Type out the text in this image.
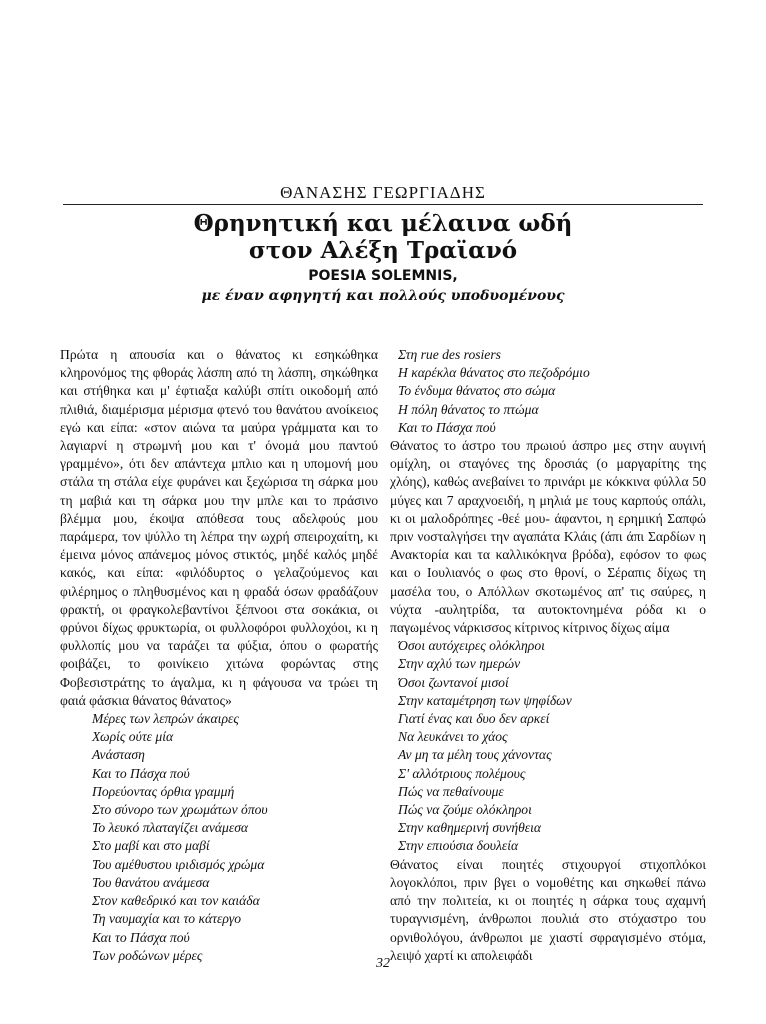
ΘΑΝΑΣΗΣ ΓΕΩΡΓΙΑΔΗΣ
Θρηνητική και μέλαινα ωδή
στον Αλέξη Τραϊανό
POESIA SOLEMNIS,
με έναν αφηγητή και πολλούς υποδυομένους

Πρώτα η απουσία και ο θάνατος κι εσηκώθηκα κληρονόμος της φθοράς λάσπη από τη λάσπη, σηκώθηκα και στήθηκα και μ' έφτιαξα καλύβι σπίτι οικοδομή από πλιθιά, διαμέρισμα μέρισμα φτενό του θανάτου ανοίκειος εγώ και είπα: «στον αιώνα τα μαύρα γράμματα και το λαγιαρνί η στρωμνή μου και τ' όνομά μου παντού γραμμένο», ότι δεν απάντεχα μπλιο και η υπομονή μου στάλα τη στάλα είχε φυράνει και ξεχώρισα τη σάρκα μου τη μαβιά και τη σάρκα μου την μπλε και το πράσινο βλέμμα μου, έκοψα απόθεσα τους αδελφούς μου παράμερα, τον ψύλλο τη λέπρα την ωχρή σπειροχαίτη, κι έμεινα μόνος απάνεμος μόνος στικτός, μηδέ καλός μηδέ κακός, και είπα: «φιλόδυρτος ο γελαζούμενος και φιλέρημος ο πληθυσμένος και η φραδά όσων φραδάζουν φρακτή, οι φραγκολεβαντίνοι ξέπνοοι στα σοκάκια, οι φρύνοι δίχως φρυκτωρία, οι φυλλοφόροι φυλλοχόοι, κι η φυλλοπίς μου να ταράζει τα φύξια, όπου ο φωρατής φοιβάζει, το φοινίκειο χιτώνα φορώντας στης Φοβεσιστράτης το άγαλμα, κι η φάγουσα να τρώει τη φαιά φάσκια θάνατος θάνατος»

Μέρες των λεπρών άκαιρες
Χωρίς ούτε μία
Ανάσταση
Και το Πάσχα πού
Πορεύοντας όρθια γραμμή
Στο σύνορο των χρωμάτων όπου
Το λευκό πλαταγίζει ανάμεσα
Στο μαβί και στο μαβί
Του αμέθυστου ιριδισμός χρώμα
Του θανάτου ανάμεσα
Στον καθεδρικό και τον καιάδα
Τη ναυμαχία και το κάτεργο
Και το Πάσχα πού
Των ροδώνων μέρες
Στη rue des rosiers
Η καρέκλα θάνατος στο πεζοδρόμιο
Το ένδυμα θάνατος στο σώμα
Η πόλη θάνατος το πτώμα
Και το Πάσχα πού

Θάνατος το άστρο του πρωιού άσπρο μες στην αυγινή ομίχλη, οι σταγόνες της δροσιάς (ο μαργαρίτης της χλόης), καθώς ανεβαίνει το πρινάρι με κόκκινα φύλλα 50 μύγες και 7 αραχνοειδή, η μηλιά με τους καρπούς οπάλι, κι οι μαλοδρόπηες -θεέ μου- άφαντοι, η ερημική Σαπφώ πριν νοσταλγήσει την αγαπάτα Κλάις (άπι άπι Σαρδίων η Ανακτορία και τα καλλικόκηνα βρόδα), εφόσον το φως και ο Ιουλιανός ο φως στο θρονί, ο Σέραπις δίχως τη μασέλα του, ο Απόλλων σκοτωμένος απ' τις σαύρες, η νύχτα -αυλητρίδα, τα αυτοκτονημένα ρόδα κι ο παγωμένος νάρκισσος κίτρινος κίτρινος δίχως αίμα

Όσοι αυτόχειρες ολόκληροι
Στην αχλύ των ημερών
Όσοι ζωντανοί μισοί
Στην καταμέτρηση των ψηφίδων
Γιατί ένας και δυο δεν αρκεί
Να λευκάνει το χάος
Αν μη τα μέλη τους χάνοντας
Σ' αλλότριους πολέμους
Πώς να πεθαίνουμε
Πώς να ζούμε ολόκληροι
Στην καθημερινή συνήθεια
Στην επιούσια δουλεία

Θάνατος είναι ποιητές στιχουργοί στιχοπλόκοι λογοκλόποι, πριν βγει ο νομοθέτης και σηκωθεί πάνω από την πολιτεία, κι οι ποιητές η σάρκα τους αχαμνή τυραγνισμένη, άνθρωποι πουλιά στο στόχαστρο του ορνιθολόγου, άνθρωποι με χιαστί σφραγισμένο στόμα, λειψό χαρτί κι απολειφάδι

32
